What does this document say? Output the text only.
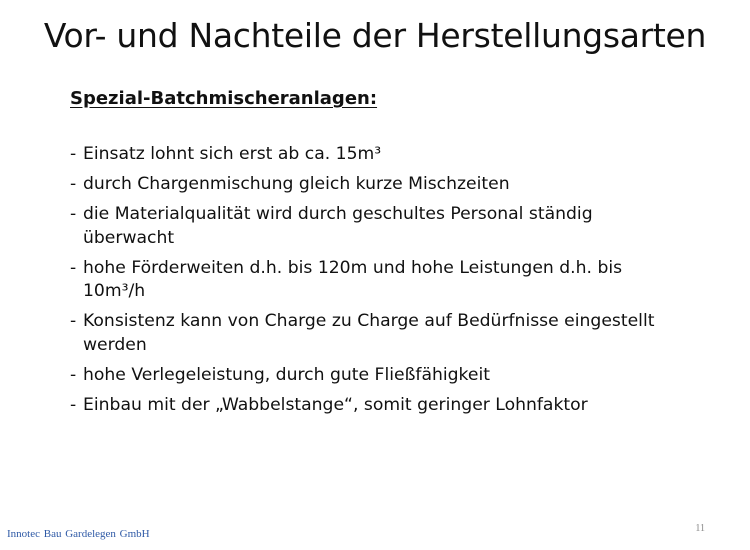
Vor- und Nachteile der Herstellungsarten
Spezial-Batchmischeranlagen:
- Einsatz lohnt sich erst ab ca. 15m³
- durch Chargenmischung gleich kurze Mischzeiten
- die Materialqualität wird durch geschultes Personal ständig
überwacht
- hohe Förderweiten d.h. bis 120m und hohe Leistungen d.h. bis
10m³/h
- Konsistenz kann von Charge zu Charge auf Bedürfnisse eingestellt
werden
- hohe Verlegeleistung, durch gute Fließfähigkeit
- Einbau mit der „Wabbelstange“, somit geringer Lohnfaktor
Innotec Bau Gardelegen GmbH	11
